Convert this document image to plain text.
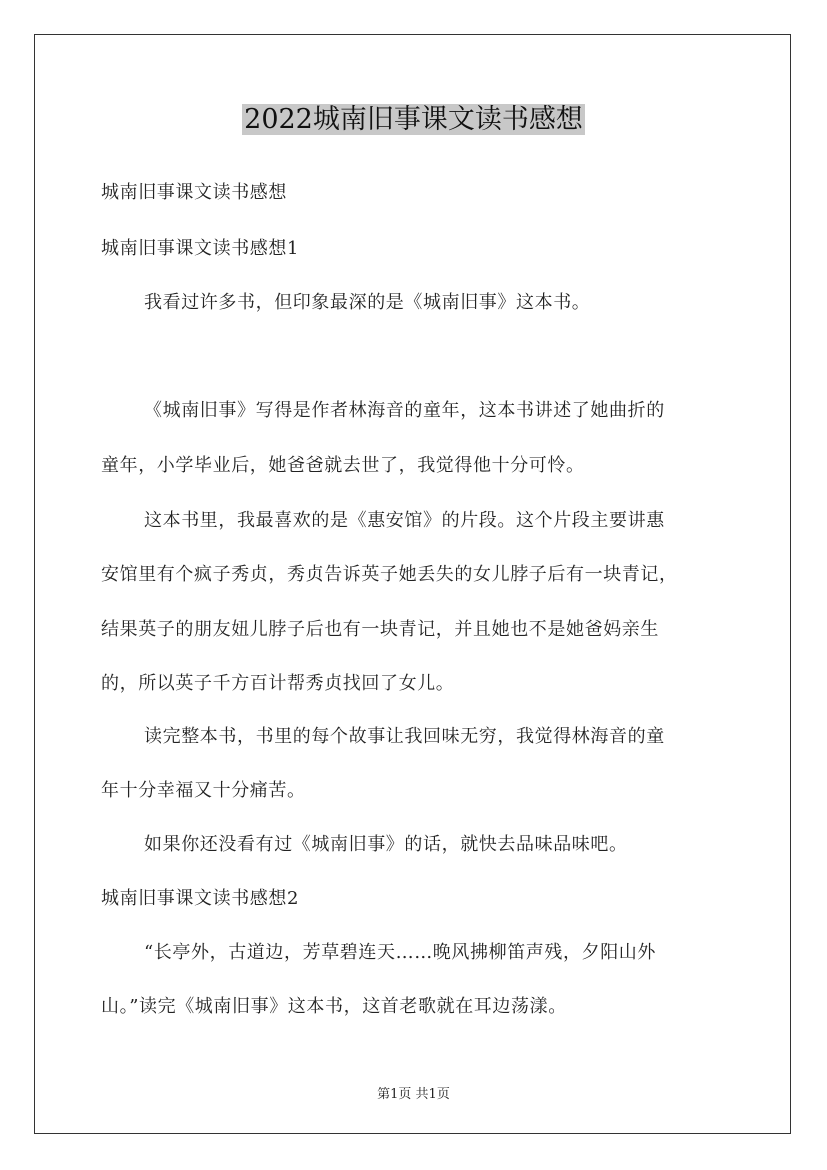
2022城南旧事课文读书感想

城南旧事课文读书感想

城南旧事课文读书感想1

我看过许多书，但印象最深的是《城南旧事》这本书。

《城南旧事》写得是作者林海音的童年，这本书讲述了她曲折的

童年，小学毕业后，她爸爸就去世了，我觉得他十分可怜。

这本书里，我最喜欢的是《惠安馆》的片段。这个片段主要讲惠

安馆里有个疯子秀贞，秀贞告诉英子她丢失的女儿脖子后有一块青记，

结果英子的朋友妞儿脖子后也有一块青记，并且她也不是她爸妈亲生

的，所以英子千方百计帮秀贞找回了女儿。

读完整本书，书里的每个故事让我回味无穷，我觉得林海音的童

年十分幸福又十分痛苦。

如果你还没看有过《城南旧事》的话，就快去品味品味吧。

城南旧事课文读书感想2

“长亭外，古道边，芳草碧连天……晚风拂柳笛声残，夕阳山外

山。”读完《城南旧事》这本书，这首老歌就在耳边荡漾。

第1页 共1页
